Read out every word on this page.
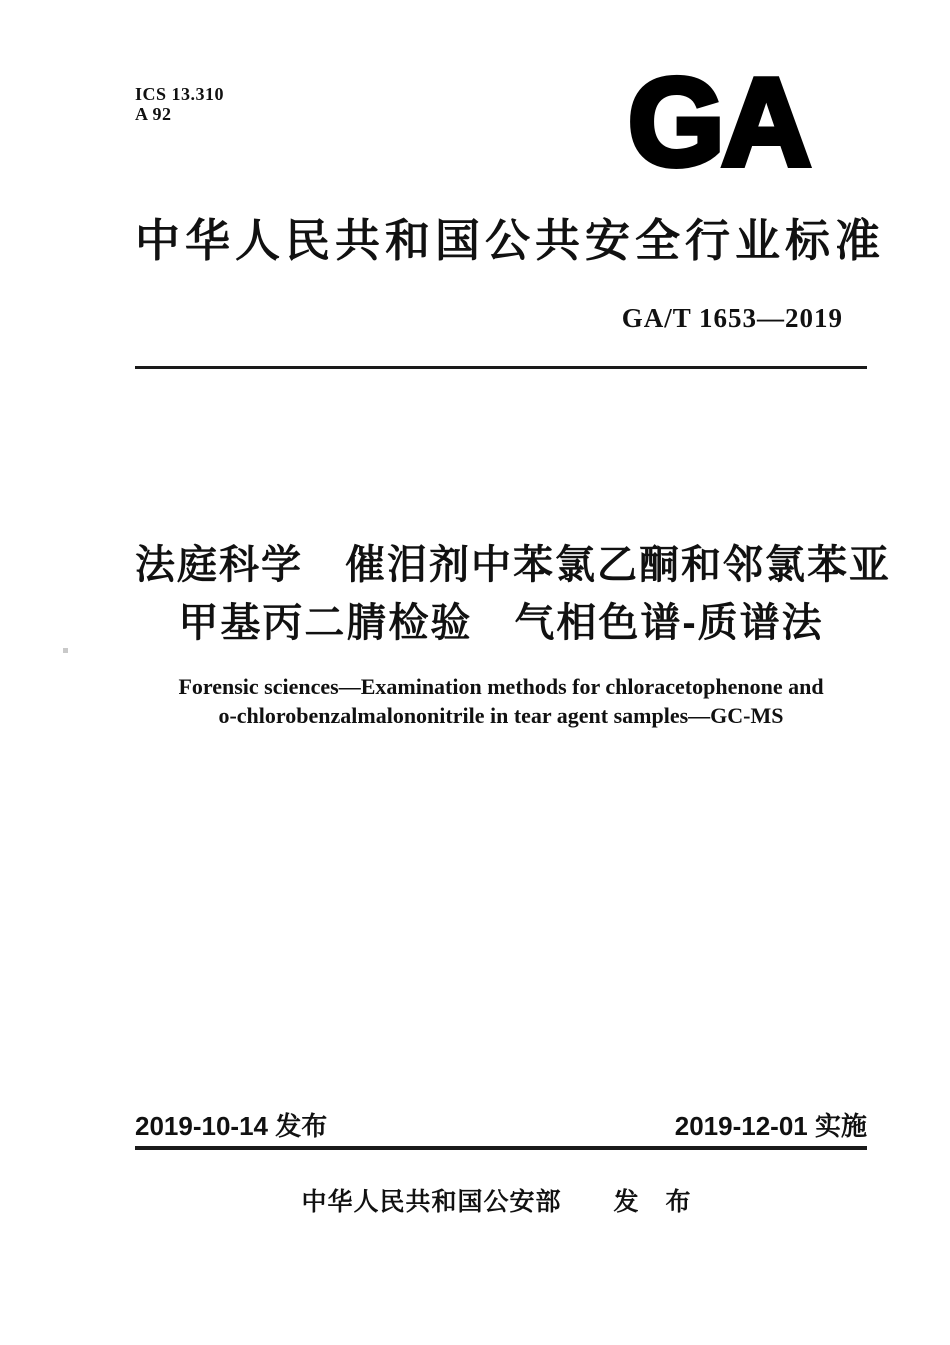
ICS 13.310
A 92	GA
中华人民共和国公共安全行业标准
GA/T 1653—2019
法庭科学　催泪剂中苯氯乙酮和邻氯苯亚
甲基丙二腈检验　气相色谱-质谱法
Forensic sciences—Examination methods for chloracetophenone and
o-chlorobenzalmalononitrile in tear agent samples—GC-MS
2019-10-14 发布	2019-12-01 实施
中华人民共和国公安部 发 布
